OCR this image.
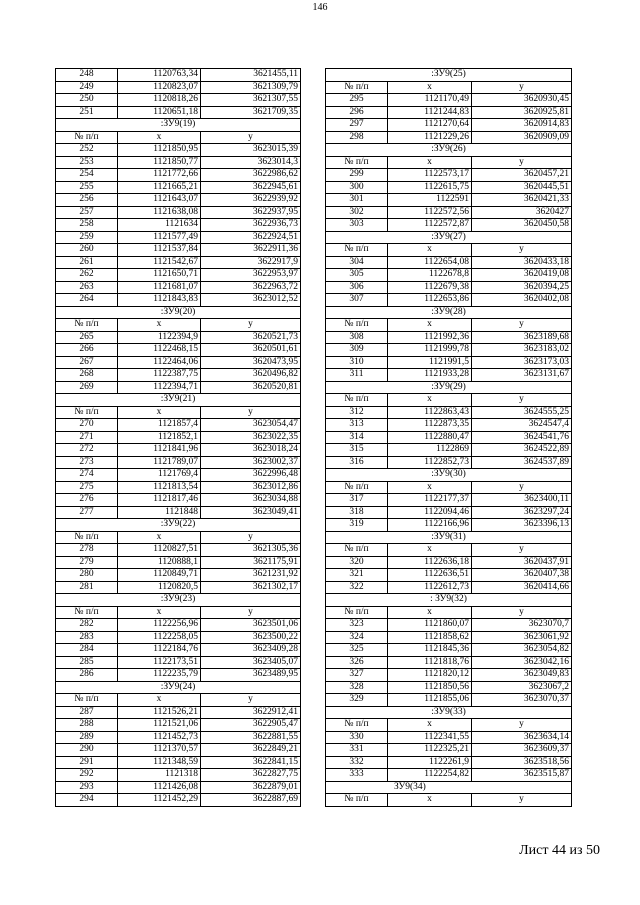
146
248	1120763,34	3621455,11
249	1120823,07	3621309,79
250	1120818,26	3621307,55
251	1120651,18	3621709,35
:ЗУ9(19)		
№ п/п	x	y
252	1121850,95	3623015,39
253	1121850,77	3623014,3
254	1121772,66	3622986,62
255	1121665,21	3622945,61
256	1121643,07	3622939,92
257	1121638,08	3622937,95
258	1121634	3622936,73
259	1121577,49	3622924,51
260	1121537,84	3622911,36
261	1121542,67	3622917,9
262	1121650,71	3622953,97
263	1121681,07	3622963,72
264	1121843,83	3623012,52
:ЗУ9(20)		
№ п/п	x	y
265	1122394,9	3620521,73
266	1122468,15	3620501,61
267	1122464,06	3620473,95
268	1122387,75	3620496,82
269	1122394,71	3620520,81
:ЗУ9(21)		
№ п/п	x	y
270	1121857,4	3623054,47
271	1121852,1	3623022,35
272	1121841,96	3623018,24
273	1121789,07	3623002,37
274	1121769,4	3622996,48
275	1121813,54	3623012,86
276	1121817,46	3623034,88
277	1121848	3623049,41
:ЗУ9(22)		
№ п/п	x	y
278	1120827,51	3621305,36
279	1120888,1	3621175,91
280	1120849,71	3621231,92
281	1120820,5	3621302,17
:ЗУ9(23)		
№ п/п	x	y
282	1122256,96	3623501,06
283	1122258,05	3623500,22
284	1122184,76	3623409,28
285	1122173,51	3623405,07
286	1122235,79	3623489,95
:ЗУ9(24)		
№ п/п	x	y
287	1121526,21	3622912,41
288	1121521,06	3622905,47
289	1121452,73	3622881,55
290	1121370,57	3622849,21
291	1121348,59	3622841,15
292	1121318	3622827,75
293	1121426,08	3622879,01
294	1121452,29	3622887,69
:ЗУ9(25)		
№ п/п	x	y
295	1121170,49	3620930,45
296	1121244,83	3620925,81
297	1121270,64	3620914,83
298	1121229,26	3620909,09
:ЗУ9(26)		
№ п/п	x	y
299	1122573,17	3620457,21
300	1122615,75	3620445,51
301	1122591	3620421,33
302	1122572,56	3620427
303	1122572,87	3620450,58
:ЗУ9(27)		
№ п/п	x	y
304	1122654,08	3620433,18
305	1122678,8	3620419,08
306	1122679,38	3620394,25
307	1122653,86	3620402,08
:ЗУ9(28)		
№ п/п	x	y
308	1121992,36	3623189,68
309	1121999,78	3623183,02
310	1121991,5	3623173,03
311	1121933,28	3623131,67
:ЗУ9(29)		
№ п/п	x	y
312	1122863,43	3624555,25
313	1122873,35	3624547,4
314	1122880,47	3624541,76
315	1122869	3624522,89
316	1122852,73	3624537,89
:ЗУ9(30)		
№ п/п	x	y
317	1122177,37	3623400,11
318	1122094,46	3623297,24
319	1122166,96	3623396,13
:ЗУ9(31)		
№ п/п	x	y
320	1122636,18	3620437,91
321	1122636,51	3620407,38
322	1122612,73	3620414,66
: ЗУ9(32)		
№ п/п	x	y
323	1121860,07	3623070,7
324	1121858,62	3623061,92
325	1121845,36	3623054,82
326	1121818,76	3623042,16
327	1121820,12	3623049,83
328	1121850,56	3623067,2
329	1121855,06	3623070,37
:ЗУ9(33)		
№ п/п	x	y
330	1122341,55	3623634,14
331	1122325,21	3623609,37
332	1122261,9	3623518,56
333	1122254,82	3623515,87
ЗУ9(34)		
№ п/п	x	y
Лист 44 из 50
